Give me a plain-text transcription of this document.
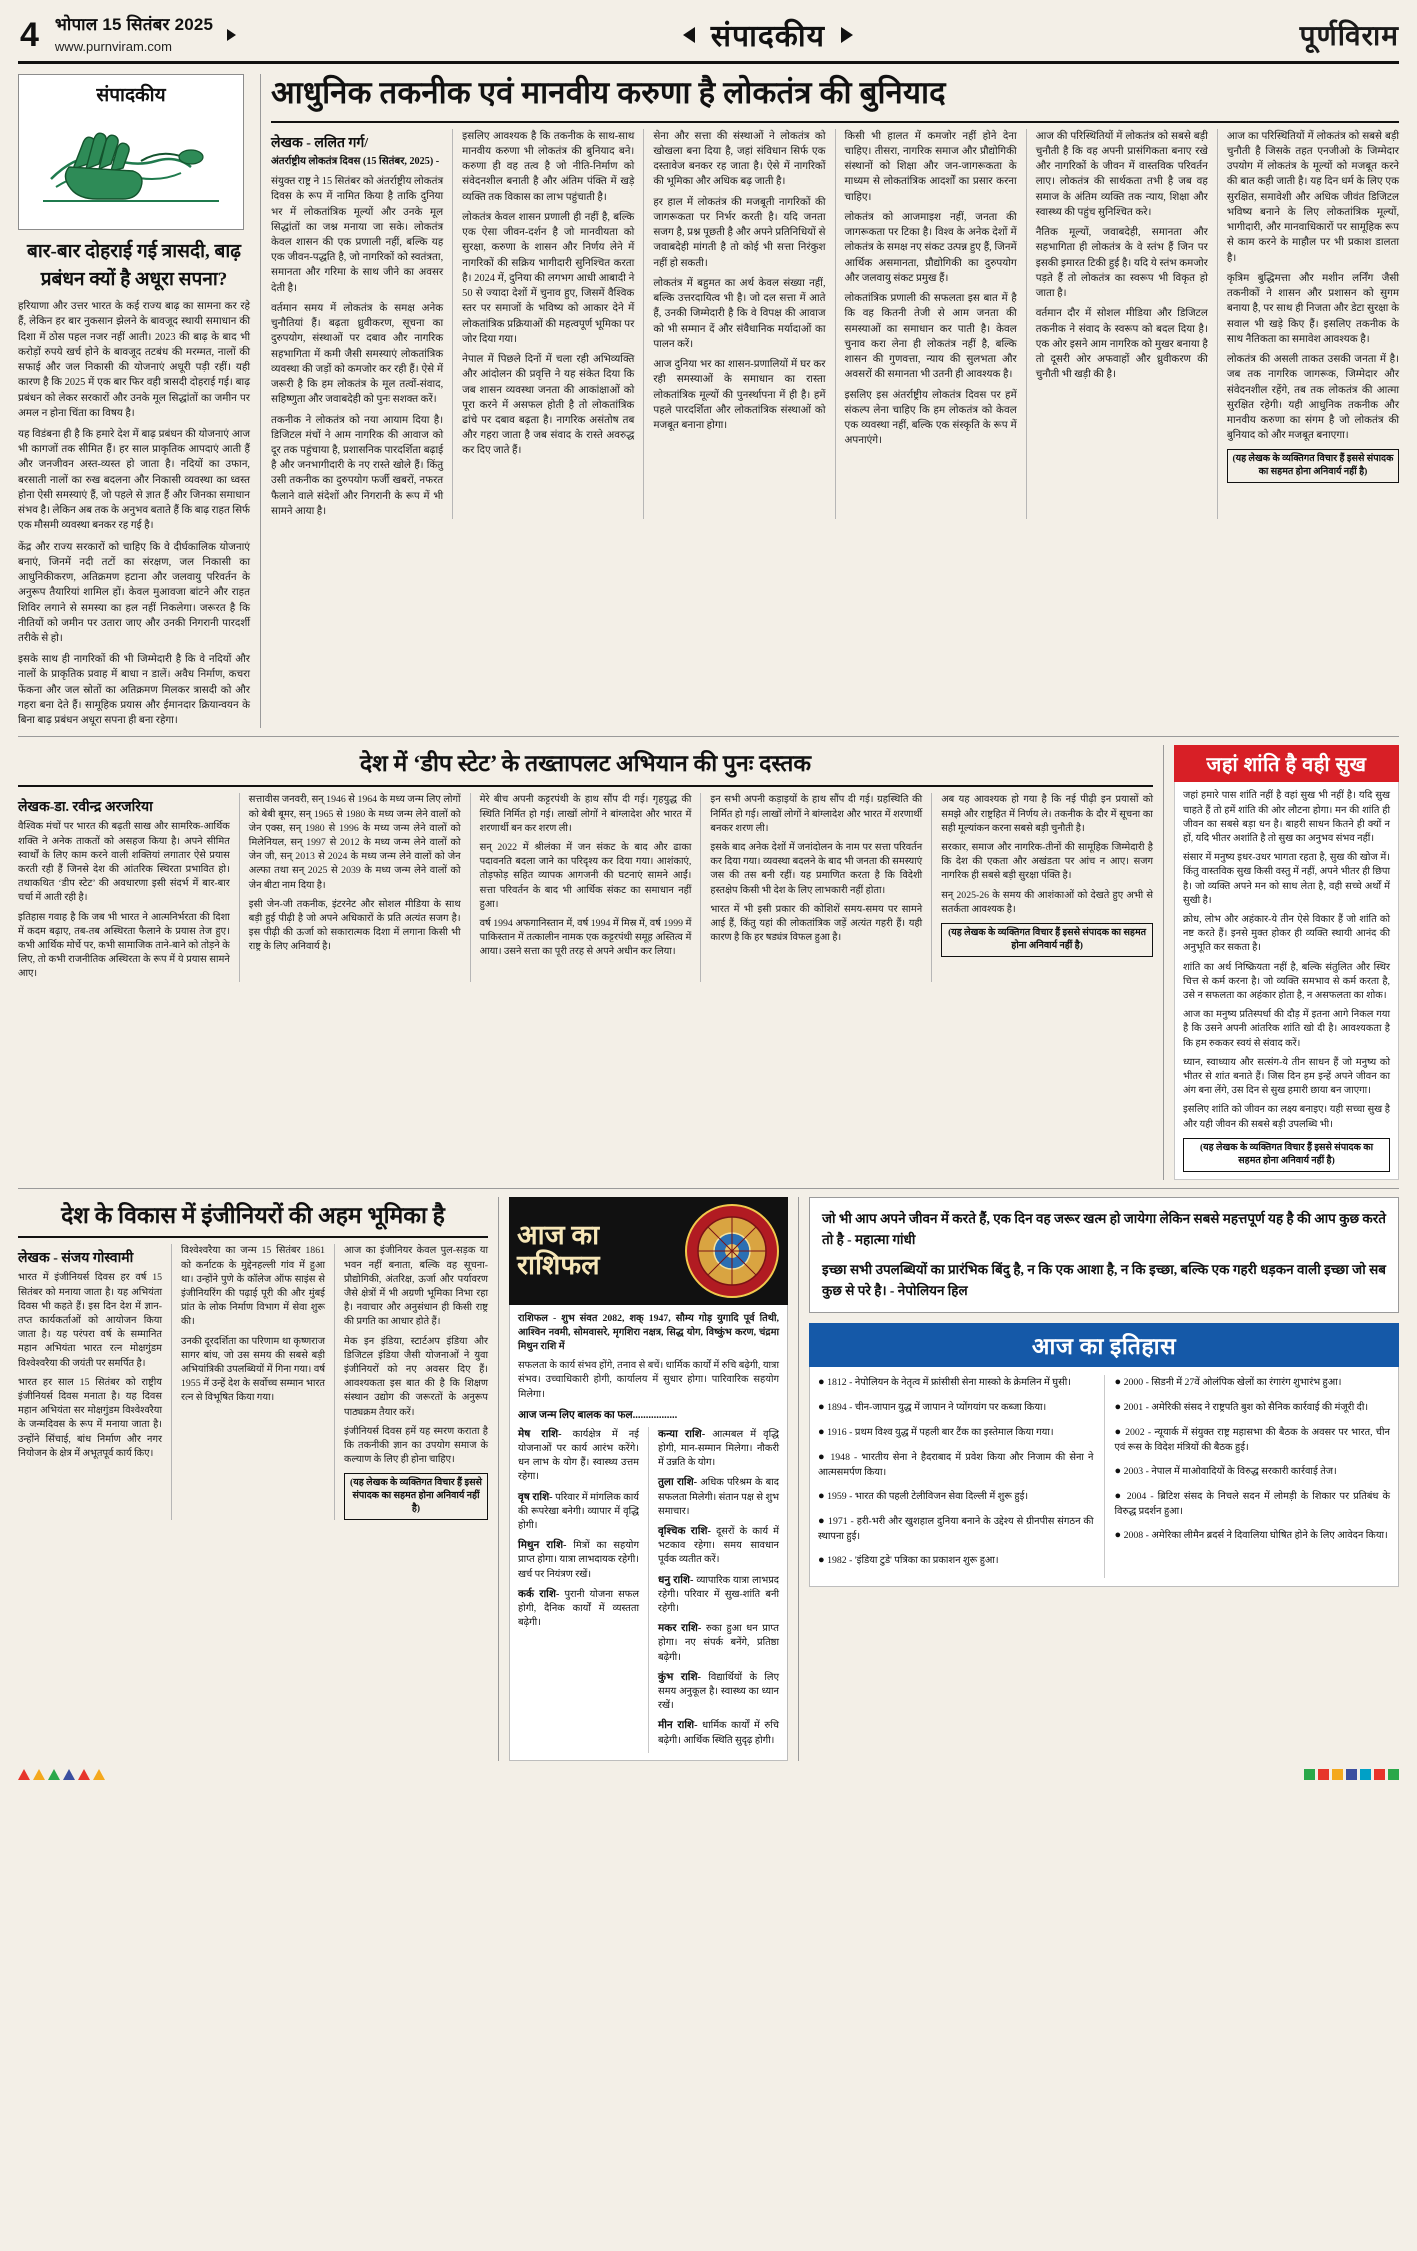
4 भोपाल 15 सितंबर 2025
www.purnviram.com	संपादकीय	पूर्णविराम
संपादकीय
बार-बार दोहराई गई त्रासदी, बाढ़ प्रबंधन क्यों है अधूरा सपना?

हरियाणा और उत्तर भारत के कई राज्य बाढ़ का सामना कर रहे हैं, लेकिन हर बार नुकसान झेलने के बावजूद स्थायी समाधान की दिशा में ठोस पहल नजर नहीं आती। 2023 की बाढ़ के बाद भी करोड़ों रुपये खर्च होने के बावजूद तटबंध की मरम्मत, नालों की सफाई और जल निकासी की योजनाएं अधूरी पड़ी रहीं। यही कारण है कि 2025 में एक बार फिर वही त्रासदी दोहराई गई। बाढ़ प्रबंधन को लेकर सरकारों और उनके मूल सिद्धांतों का जमीन पर अमल न होना चिंता का विषय है।

यह विडंबना ही है कि हमारे देश में बाढ़ प्रबंधन की योजनाएं आज भी कागजों तक सीमित हैं। हर साल प्राकृतिक आपदाएं आती हैं और जनजीवन अस्त-व्यस्त हो जाता है। नदियों का उफान, बरसाती नालों का रुख बदलना और निकासी व्यवस्था का ध्वस्त होना ऐसी समस्याएं हैं, जो पहले से ज्ञात हैं और जिनका समाधान संभव है। लेकिन अब तक के अनुभव बताते हैं कि बाढ़ राहत सिर्फ एक मौसमी व्यवस्था बनकर रह गई है।

केंद्र और राज्य सरकारों को चाहिए कि वे दीर्घकालिक योजनाएं बनाएं, जिनमें नदी तटों का संरक्षण, जल निकासी का आधुनिकीकरण, अतिक्रमण हटाना और जलवायु परिवर्तन के अनुरूप तैयारियां शामिल हों। केवल मुआवजा बांटने और राहत शिविर लगाने से समस्या का हल नहीं निकलेगा। जरूरत है कि नीतियों को जमीन पर उतारा जाए और उनकी निगरानी पारदर्शी तरीके से हो।

इसके साथ ही नागरिकों की भी जिम्मेदारी है कि वे नदियों और नालों के प्राकृतिक प्रवाह में बाधा न डालें। अवैध निर्माण, कचरा फेंकना और जल स्रोतों का अतिक्रमण मिलकर त्रासदी को और गहरा बना देते हैं। सामूहिक प्रयास और ईमानदार क्रियान्वयन के बिना बाढ़ प्रबंधन अधूरा सपना ही बना रहेगा।

आधुनिक तकनीक एवं मानवीय करुणा है लोकतंत्र की बुनियाद
लेखक - ललित गर्ग/
अंतर्राष्ट्रीय लोकतंत्र दिवस (15 सितंबर, 2025) -

संयुक्त राष्ट्र ने 15 सितंबर को अंतर्राष्ट्रीय लोकतंत्र दिवस के रूप में नामित किया है ताकि दुनिया भर में लोकतांत्रिक मूल्यों और उनके मूल सिद्धांतों का जश्न मनाया जा सके। लोकतंत्र केवल शासन की एक प्रणाली नहीं, बल्कि यह एक जीवन-पद्धति है, जो नागरिकों को स्वतंत्रता, समानता और गरिमा के साथ जीने का अवसर देती है।

वर्तमान समय में लोकतंत्र के समक्ष अनेक चुनौतियां हैं। बढ़ता ध्रुवीकरण, सूचना का दुरुपयोग, संस्थाओं पर दबाव और नागरिक सहभागिता में कमी जैसी समस्याएं लोकतांत्रिक व्यवस्था की जड़ों को कमजोर कर रही हैं। ऐसे में जरूरी है कि हम लोकतंत्र के मूल तत्वों-संवाद, सहिष्णुता और जवाबदेही को पुनः सशक्त करें।

तकनीक ने लोकतंत्र को नया आयाम दिया है। डिजिटल मंचों ने आम नागरिक की आवाज को दूर तक पहुंचाया है, प्रशासनिक पारदर्शिता बढ़ाई है और जनभागीदारी के नए रास्ते खोले हैं। किंतु उसी तकनीक का दुरुपयोग फर्जी खबरों, नफरत फैलाने वाले संदेशों और निगरानी के रूप में भी सामने आया है।

इसलिए आवश्यक है कि तकनीक के साथ-साथ मानवीय करुणा भी लोकतंत्र की बुनियाद बने। करुणा ही वह तत्व है जो नीति-निर्माण को संवेदनशील बनाती है और अंतिम पंक्ति में खड़े व्यक्ति तक विकास का लाभ पहुंचाती है।

लोकतंत्र केवल शासन प्रणाली ही नहीं है, बल्कि एक ऐसा जीवन-दर्शन है जो मानवीयता को सुरक्षा, करुणा के शासन और निर्णय लेने में नागरिकों की सक्रिय भागीदारी सुनिश्चित करता है। 2024 में, दुनिया की लगभग आधी आबादी ने 50 से ज्यादा देशों में चुनाव हुए, जिसमें वैश्विक स्तर पर समाजों के भविष्य को आकार देने में लोकतांत्रिक प्रक्रियाओं की महत्वपूर्ण भूमिका पर जोर दिया गया।

नेपाल में पिछले दिनों में चला रही अभिव्यक्ति और आंदोलन की प्रवृत्ति ने यह संकेत दिया कि जब शासन व्यवस्था जनता की आकांक्षाओं को पूरा करने में असफल होती है तो लोकतांत्रिक ढांचे पर दबाव बढ़ता है। नागरिक असंतोष तब और गहरा जाता है जब संवाद के रास्ते अवरुद्ध कर दिए जाते हैं।

सेना और सत्ता की संस्थाओं ने लोकतंत्र को खोखला बना दिया है, जहां संविधान सिर्फ एक दस्तावेज बनकर रह जाता है। ऐसे में नागरिकों की भूमिका और अधिक बढ़ जाती है।

हर हाल में लोकतंत्र की मजबूती नागरिकों की जागरूकता पर निर्भर करती है। यदि जनता सजग है, प्रश्न पूछती है और अपने प्रतिनिधियों से जवाबदेही मांगती है तो कोई भी सत्ता निरंकुश नहीं हो सकती।

लोकतंत्र में बहुमत का अर्थ केवल संख्या नहीं, बल्कि उत्तरदायित्व भी है। जो दल सत्ता में आते हैं, उनकी जिम्मेदारी है कि वे विपक्ष की आवाज को भी सम्मान दें और संवैधानिक मर्यादाओं का पालन करें।

आज दुनिया भर का शासन-प्रणालियों में घर कर रही समस्याओं के समाधान का रास्ता लोकतांत्रिक मूल्यों की पुनर्स्थापना में ही है। हमें पहले पारदर्शिता और लोकतांत्रिक संस्थाओं को मजबूत बनाना होगा।

किसी भी हालत में कमजोर नहीं होने देना चाहिए। तीसरा, नागरिक समाज और प्रौद्योगिकी संस्थानों को शिक्षा और जन-जागरूकता के माध्यम से लोकतांत्रिक आदर्शों का प्रसार करना चाहिए।

लोकतंत्र को आजमाइश नहीं, जनता की जागरूकता पर टिका है। विश्व के अनेक देशों में लोकतंत्र के समक्ष नए संकट उत्पन्न हुए हैं, जिनमें आर्थिक असमानता, प्रौद्योगिकी का दुरुपयोग और जलवायु संकट प्रमुख हैं।

लोकतांत्रिक प्रणाली की सफलता इस बात में है कि वह कितनी तेजी से आम जनता की समस्याओं का समाधान कर पाती है। केवल चुनाव करा लेना ही लोकतंत्र नहीं है, बल्कि शासन की गुणवत्ता, न्याय की सुलभता और अवसरों की समानता भी उतनी ही आवश्यक है।

इसलिए इस अंतर्राष्ट्रीय लोकतंत्र दिवस पर हमें संकल्प लेना चाहिए कि हम लोकतंत्र को केवल एक व्यवस्था नहीं, बल्कि एक संस्कृति के रूप में अपनाएंगे।

आज की परिस्थितियों में लोकतंत्र को सबसे बड़ी चुनौती है कि वह अपनी प्रासंगिकता बनाए रखे और नागरिकों के जीवन में वास्तविक परिवर्तन लाए। लोकतंत्र की सार्थकता तभी है जब वह समाज के अंतिम व्यक्ति तक न्याय, शिक्षा और स्वास्थ्य की पहुंच सुनिश्चित करे।

नैतिक मूल्यों, जवाबदेही, समानता और सहभागिता ही लोकतंत्र के वे स्तंभ हैं जिन पर इसकी इमारत टिकी हुई है। यदि ये स्तंभ कमजोर पड़ते हैं तो लोकतंत्र का स्वरूप भी विकृत हो जाता है।

वर्तमान दौर में सोशल मीडिया और डिजिटल तकनीक ने संवाद के स्वरूप को बदल दिया है। एक ओर इसने आम नागरिक को मुखर बनाया है तो दूसरी ओर अफवाहों और ध्रुवीकरण की चुनौती भी खड़ी की है।

आज का परिस्थितियों में लोकतंत्र को सबसे बड़ी चुनौती है जिसके तहत एनजीओ के जिम्मेदार उपयोग में लोकतंत्र के मूल्यों को मजबूत करने की बात कही जाती है। यह दिन धर्म के लिए एक सुरक्षित, समावेशी और अधिक जीवंत डिजिटल भविष्य बनाने के लिए लोकतांत्रिक मूल्यों, भागीदारी, और मानवाधिकारों पर सामूहिक रूप से काम करने के माहौल पर भी प्रकाश डालता है।

कृत्रिम बुद्धिमत्ता और मशीन लर्निंग जैसी तकनीकों ने शासन और प्रशासन को सुगम बनाया है, पर साथ ही निजता और डेटा सुरक्षा के सवाल भी खड़े किए हैं। इसलिए तकनीक के साथ नैतिकता का समावेश आवश्यक है।

लोकतंत्र की असली ताकत उसकी जनता में है। जब तक नागरिक जागरूक, जिम्मेदार और संवेदनशील रहेंगे, तब तक लोकतंत्र की आत्मा सुरक्षित रहेगी। यही आधुनिक तकनीक और मानवीय करुणा का संगम है जो लोकतंत्र की बुनियाद को और मजबूत बनाएगा।

(यह लेखक के व्यक्तिगत विचार हैं इससे संपादक का सहमत होना अनिवार्य नहीं है)
देश में ‘डीप स्टेट’ के तख्तापलट अभियान की पुनः दस्तक
लेखक-डा. रवीन्द्र अरजरिया

वैश्विक मंचों पर भारत की बढ़ती साख और सामरिक-आर्थिक शक्ति ने अनेक ताकतों को असहज किया है। अपने सीमित स्वार्थों के लिए काम करने वाली शक्तियां लगातार ऐसे प्रयास करती रही हैं जिनसे देश की आंतरिक स्थिरता प्रभावित हो। तथाकथित ‘डीप स्टेट’ की अवधारणा इसी संदर्भ में बार-बार चर्चा में आती रही है।

इतिहास गवाह है कि जब भी भारत ने आत्मनिर्भरता की दिशा में कदम बढ़ाए, तब-तब अस्थिरता फैलाने के प्रयास तेज हुए। कभी आर्थिक मोर्चे पर, कभी सामाजिक ताने-बाने को तोड़ने के लिए, तो कभी राजनीतिक अस्थिरता के रूप में ये प्रयास सामने आए।

सत्तावीस जनवरी, सन् 1946 से 1964 के मध्य जन्म लिए लोगों को बेबी बूमर, सन् 1965 से 1980 के मध्य जन्म लेने वालों को जेन एक्स, सन् 1980 से 1996 के मध्य जन्म लेने वालों को मिलेनियल, सन् 1997 से 2012 के मध्य जन्म लेने वालों को जेन जी, सन् 2013 से 2024 के मध्य जन्म लेने वालों को जेन अल्फा तथा सन् 2025 से 2039 के मध्य जन्म लेने वालों को जेन बीटा नाम दिया है।

इसी जेन-जी तकनीक, इंटरनेट और सोशल मीडिया के साथ बड़ी हुई पीढ़ी है जो अपने अधिकारों के प्रति अत्यंत सजग है। इस पीढ़ी की ऊर्जा को सकारात्मक दिशा में लगाना किसी भी राष्ट्र के लिए अनिवार्य है।

मेरे बीच अपनी कट्टरपंथी के हाथ सौंप दी गई। गृहयुद्ध की स्थिति निर्मित हो गई। लाखों लोगों ने बांग्लादेश और भारत में शरणार्थी बन कर शरण ली।

सन् 2022 में श्रीलंका में जन संकट के बाद और ढाका पदावनति बदला जाने का परिदृश्य कर दिया गया। आशंकाएं, तोड़फोड़ सहित व्यापक आगजनी की घटनाएं सामने आईं। सत्ता परिवर्तन के बाद भी आर्थिक संकट का समाधान नहीं हुआ।

वर्ष 1994 अफगानिस्तान में, वर्ष 1994 में मिस्र में, वर्ष 1999 में पाकिस्तान में तत्कालीन नामक एक कट्टरपंथी समूह अस्तित्व में आया। उसने सत्ता का पूरी तरह से अपने अधीन कर लिया।

इन सभी अपनी कड़ाइयों के हाथ सौंप दी गई। ग्रहस्थिति की निर्मित हो गई। लाखों लोगों ने बांग्लादेश और भारत में शरणार्थी बनकर शरण ली।

इसके बाद अनेक देशों में जनांदोलन के नाम पर सत्ता परिवर्तन कर दिया गया। व्यवस्था बदलने के बाद भी जनता की समस्याएं जस की तस बनी रहीं। यह प्रमाणित करता है कि विदेशी हस्तक्षेप किसी भी देश के लिए लाभकारी नहीं होता।

भारत में भी इसी प्रकार की कोशिशें समय-समय पर सामने आई हैं, किंतु यहां की लोकतांत्रिक जड़ें अत्यंत गहरी हैं। यही कारण है कि हर षड्यंत्र विफल हुआ है।

अब यह आवश्यक हो गया है कि नई पीढ़ी इन प्रयासों को समझे और राष्ट्रहित में निर्णय ले। तकनीक के दौर में सूचना का सही मूल्यांकन करना सबसे बड़ी चुनौती है।

सरकार, समाज और नागरिक-तीनों की सामूहिक जिम्मेदारी है कि देश की एकता और अखंडता पर आंच न आए। सजग नागरिक ही सबसे बड़ी सुरक्षा पंक्ति है।

सन् 2025-26 के समय की आशंकाओं को देखते हुए अभी से सतर्कता आवश्यक है।

(यह लेखक के व्यक्तिगत विचार हैं इससे संपादक का सहमत होना अनिवार्य नहीं है)
जहां शांति है वही सुख

जहां हमारे पास शांति नहीं है वहां सुख भी नहीं है। यदि सुख चाहते हैं तो हमें शांति की ओर लौटना होगा। मन की शांति ही जीवन का सबसे बड़ा धन है। बाहरी साधन कितने ही क्यों न हों, यदि भीतर अशांति है तो सुख का अनुभव संभव नहीं।

संसार में मनुष्य इधर-उधर भागता रहता है, सुख की खोज में। किंतु वास्तविक सुख किसी वस्तु में नहीं, अपने भीतर ही छिपा है। जो व्यक्ति अपने मन को साध लेता है, वही सच्चे अर्थों में सुखी है।

क्रोध, लोभ और अहंकार-ये तीन ऐसे विकार हैं जो शांति को नष्ट करते हैं। इनसे मुक्त होकर ही व्यक्ति स्थायी आनंद की अनुभूति कर सकता है।

शांति का अर्थ निष्क्रियता नहीं है, बल्कि संतुलित और स्थिर चित्त से कर्म करना है। जो व्यक्ति समभाव से कर्म करता है, उसे न सफलता का अहंकार होता है, न असफलता का शोक।

आज का मनुष्य प्रतिस्पर्धा की दौड़ में इतना आगे निकल गया है कि उसने अपनी आंतरिक शांति खो दी है। आवश्यकता है कि हम रुककर स्वयं से संवाद करें।

ध्यान, स्वाध्याय और सत्संग-ये तीन साधन हैं जो मनुष्य को भीतर से शांत बनाते हैं। जिस दिन हम इन्हें अपने जीवन का अंग बना लेंगे, उस दिन से सुख हमारी छाया बन जाएगा।

इसलिए शांति को जीवन का लक्ष्य बनाइए। यही सच्चा सुख है और यही जीवन की सबसे बड़ी उपलब्धि भी।

(यह लेखक के व्यक्तिगत विचार हैं इससे संपादक का सहमत होना अनिवार्य नहीं है)
देश के विकास में इंजीनियरों की अहम भूमिका है
लेखक - संजय गोस्वामी

भारत में इंजीनियर्स दिवस हर वर्ष 15 सितंबर को मनाया जाता है। यह अभियंता दिवस भी कहते हैं। इस दिन देश में ज्ञान-तप्त कार्यकर्ताओं को आयोजन किया जाता है। यह परंपरा वर्ष के सम्मानित महान अभियंता भारत रत्न मोक्षगुंडम विश्वेश्वरैया की जयंती पर समर्पित है।

भारत हर साल 15 सितंबर को राष्ट्रीय इंजीनियर्स दिवस मनाता है। यह दिवस महान अभियंता सर मोक्षगुंडम विश्वेश्वरैया के जन्मदिवस के रूप में मनाया जाता है। उन्होंने सिंचाई, बांध निर्माण और नगर नियोजन के क्षेत्र में अभूतपूर्व कार्य किए।

विश्वेश्वरैया का जन्म 15 सितंबर 1861 को कर्नाटक के मुद्देनहल्ली गांव में हुआ था। उन्होंने पुणे के कॉलेज ऑफ साइंस से इंजीनियरिंग की पढ़ाई पूरी की और मुंबई प्रांत के लोक निर्माण विभाग में सेवा शुरू की।

उनकी दूरदर्शिता का परिणाम था कृष्णराज सागर बांध, जो उस समय की सबसे बड़ी अभियांत्रिकी उपलब्धियों में गिना गया। वर्ष 1955 में उन्हें देश के सर्वोच्च सम्मान भारत रत्न से विभूषित किया गया।

आज का इंजीनियर केवल पुल-सड़क या भवन नहीं बनाता, बल्कि वह सूचना-प्रौद्योगिकी, अंतरिक्ष, ऊर्जा और पर्यावरण जैसे क्षेत्रों में भी अग्रणी भूमिका निभा रहा है। नवाचार और अनुसंधान ही किसी राष्ट्र की प्रगति का आधार होते हैं।

मेक इन इंडिया, स्टार्टअप इंडिया और डिजिटल इंडिया जैसी योजनाओं ने युवा इंजीनियरों को नए अवसर दिए हैं। आवश्यकता इस बात की है कि शिक्षण संस्थान उद्योग की जरूरतों के अनुरूप पाठ्यक्रम तैयार करें।

इंजीनियर्स दिवस हमें यह स्मरण कराता है कि तकनीकी ज्ञान का उपयोग समाज के कल्याण के लिए ही होना चाहिए।

(यह लेखक के व्यक्तिगत विचार हैं इससे संपादक का सहमत होना अनिवार्य नहीं है)
आज का
राशिफल
राशिफल - शुभ संवत 2082, शक् 1947, सौम्य गोड़ युगादि पूर्व तिथी, आश्विन नवमी, सोमवासरे, मृगशिरा नक्षत्र, सिद्ध योग, विष्कुंभ करण, चंद्रमा मिथुन राशि में
सफलता के कार्य संभव होंगे, तनाव से बचें। धार्मिक कार्यों में रुचि बढ़ेगी, यात्रा संभव। उच्चाधिकारी होगी, कार्यालय में सुधार होगा। पारिवारिक सहयोग मिलेगा।
आज जन्म लिए बालक का फल.................
मेष राशि- कार्यक्षेत्र में नई योजनाओं पर कार्य आरंभ करेंगे। धन लाभ के योग हैं। स्वास्थ्य उत्तम रहेगा।
वृष राशि- परिवार में मांगलिक कार्य की रूपरेखा बनेगी। व्यापार में वृद्धि होगी।
मिथुन राशि- मित्रों का सहयोग प्राप्त होगा। यात्रा लाभदायक रहेगी। खर्च पर नियंत्रण रखें।
कर्क राशि- पुरानी योजना सफल होगी, दैनिक कार्यों में व्यस्तता बढ़ेगी।
कन्या राशि- आत्मबल में वृद्धि होगी, मान-सम्मान मिलेगा। नौकरी में उन्नति के योग।
तुला राशि- अधिक परिश्रम के बाद सफलता मिलेगी। संतान पक्ष से शुभ समाचार।
वृश्चिक राशि- दूसरों के कार्य में भटकाव रहेगा। समय सावधान पूर्वक व्यतीत करें।
धनु राशि- व्यापारिक यात्रा लाभप्रद रहेगी। परिवार में सुख-शांति बनी रहेगी।
मकर राशि- रुका हुआ धन प्राप्त होगा। नए संपर्क बनेंगे, प्रतिष्ठा बढ़ेगी।
कुंभ राशि- विद्यार्थियों के लिए समय अनुकूल है। स्वास्थ्य का ध्यान रखें।
मीन राशि- धार्मिक कार्यों में रुचि बढ़ेगी। आर्थिक स्थिति सुदृढ़ होगी।
जो भी आप अपने जीवन में करते हैं, एक दिन वह जरूर खत्म हो जायेगा लेकिन सबसे महत्तपूर्ण यह है की आप कुछ करते तो है - महात्मा गांधी
इच्छा सभी उपलब्धियों का प्रारंभिक बिंदु है, न कि एक आशा है, न कि इच्छा, बल्कि एक गहरी धड़कन वाली इच्छा जो सब कुछ से परे है। - नेपोलियन हिल
आज का इतिहास
● 1812 - नेपोलियन के नेतृत्व में फ्रांसीसी सेना मास्को के क्रेमलिन में घुसी।
● 1894 - चीन-जापान युद्ध में जापान ने प्योंगयांग पर कब्जा किया।
● 1916 - प्रथम विश्व युद्ध में पहली बार टैंक का इस्तेमाल किया गया।
● 1948 - भारतीय सेना ने हैदराबाद में प्रवेश किया और निजाम की सेना ने आत्मसमर्पण किया।
● 1959 - भारत की पहली टेलीविजन सेवा दिल्ली में शुरू हुई।
● 1971 - हरी-भरी और खुशहाल दुनिया बनाने के उद्देश्य से ग्रीनपीस संगठन की स्थापना हुई।
● 1982 - 'इंडिया टुडे' पत्रिका का प्रकाशन शुरू हुआ।
● 2000 - सिडनी में 27वें ओलंपिक खेलों का रंगारंग शुभारंभ हुआ।
● 2001 - अमेरिकी संसद ने राष्ट्रपति बुश को सैनिक कार्रवाई की मंजूरी दी।
● 2002 - न्यूयार्क में संयुक्त राष्ट्र महासभा की बैठक के अवसर पर भारत, चीन एवं रूस के विदेश मंत्रियों की बैठक हुई।
● 2003 - नेपाल में माओवादियों के विरुद्ध सरकारी कार्रवाई तेज।
● 2004 - ब्रिटिश संसद के निचले सदन में लोमड़ी के शिकार पर प्रतिबंध के विरुद्ध प्रदर्शन हुआ।
● 2008 - अमेरिका लीमैन ब्रदर्स ने दिवालिया घोषित होने के लिए आवेदन किया।
